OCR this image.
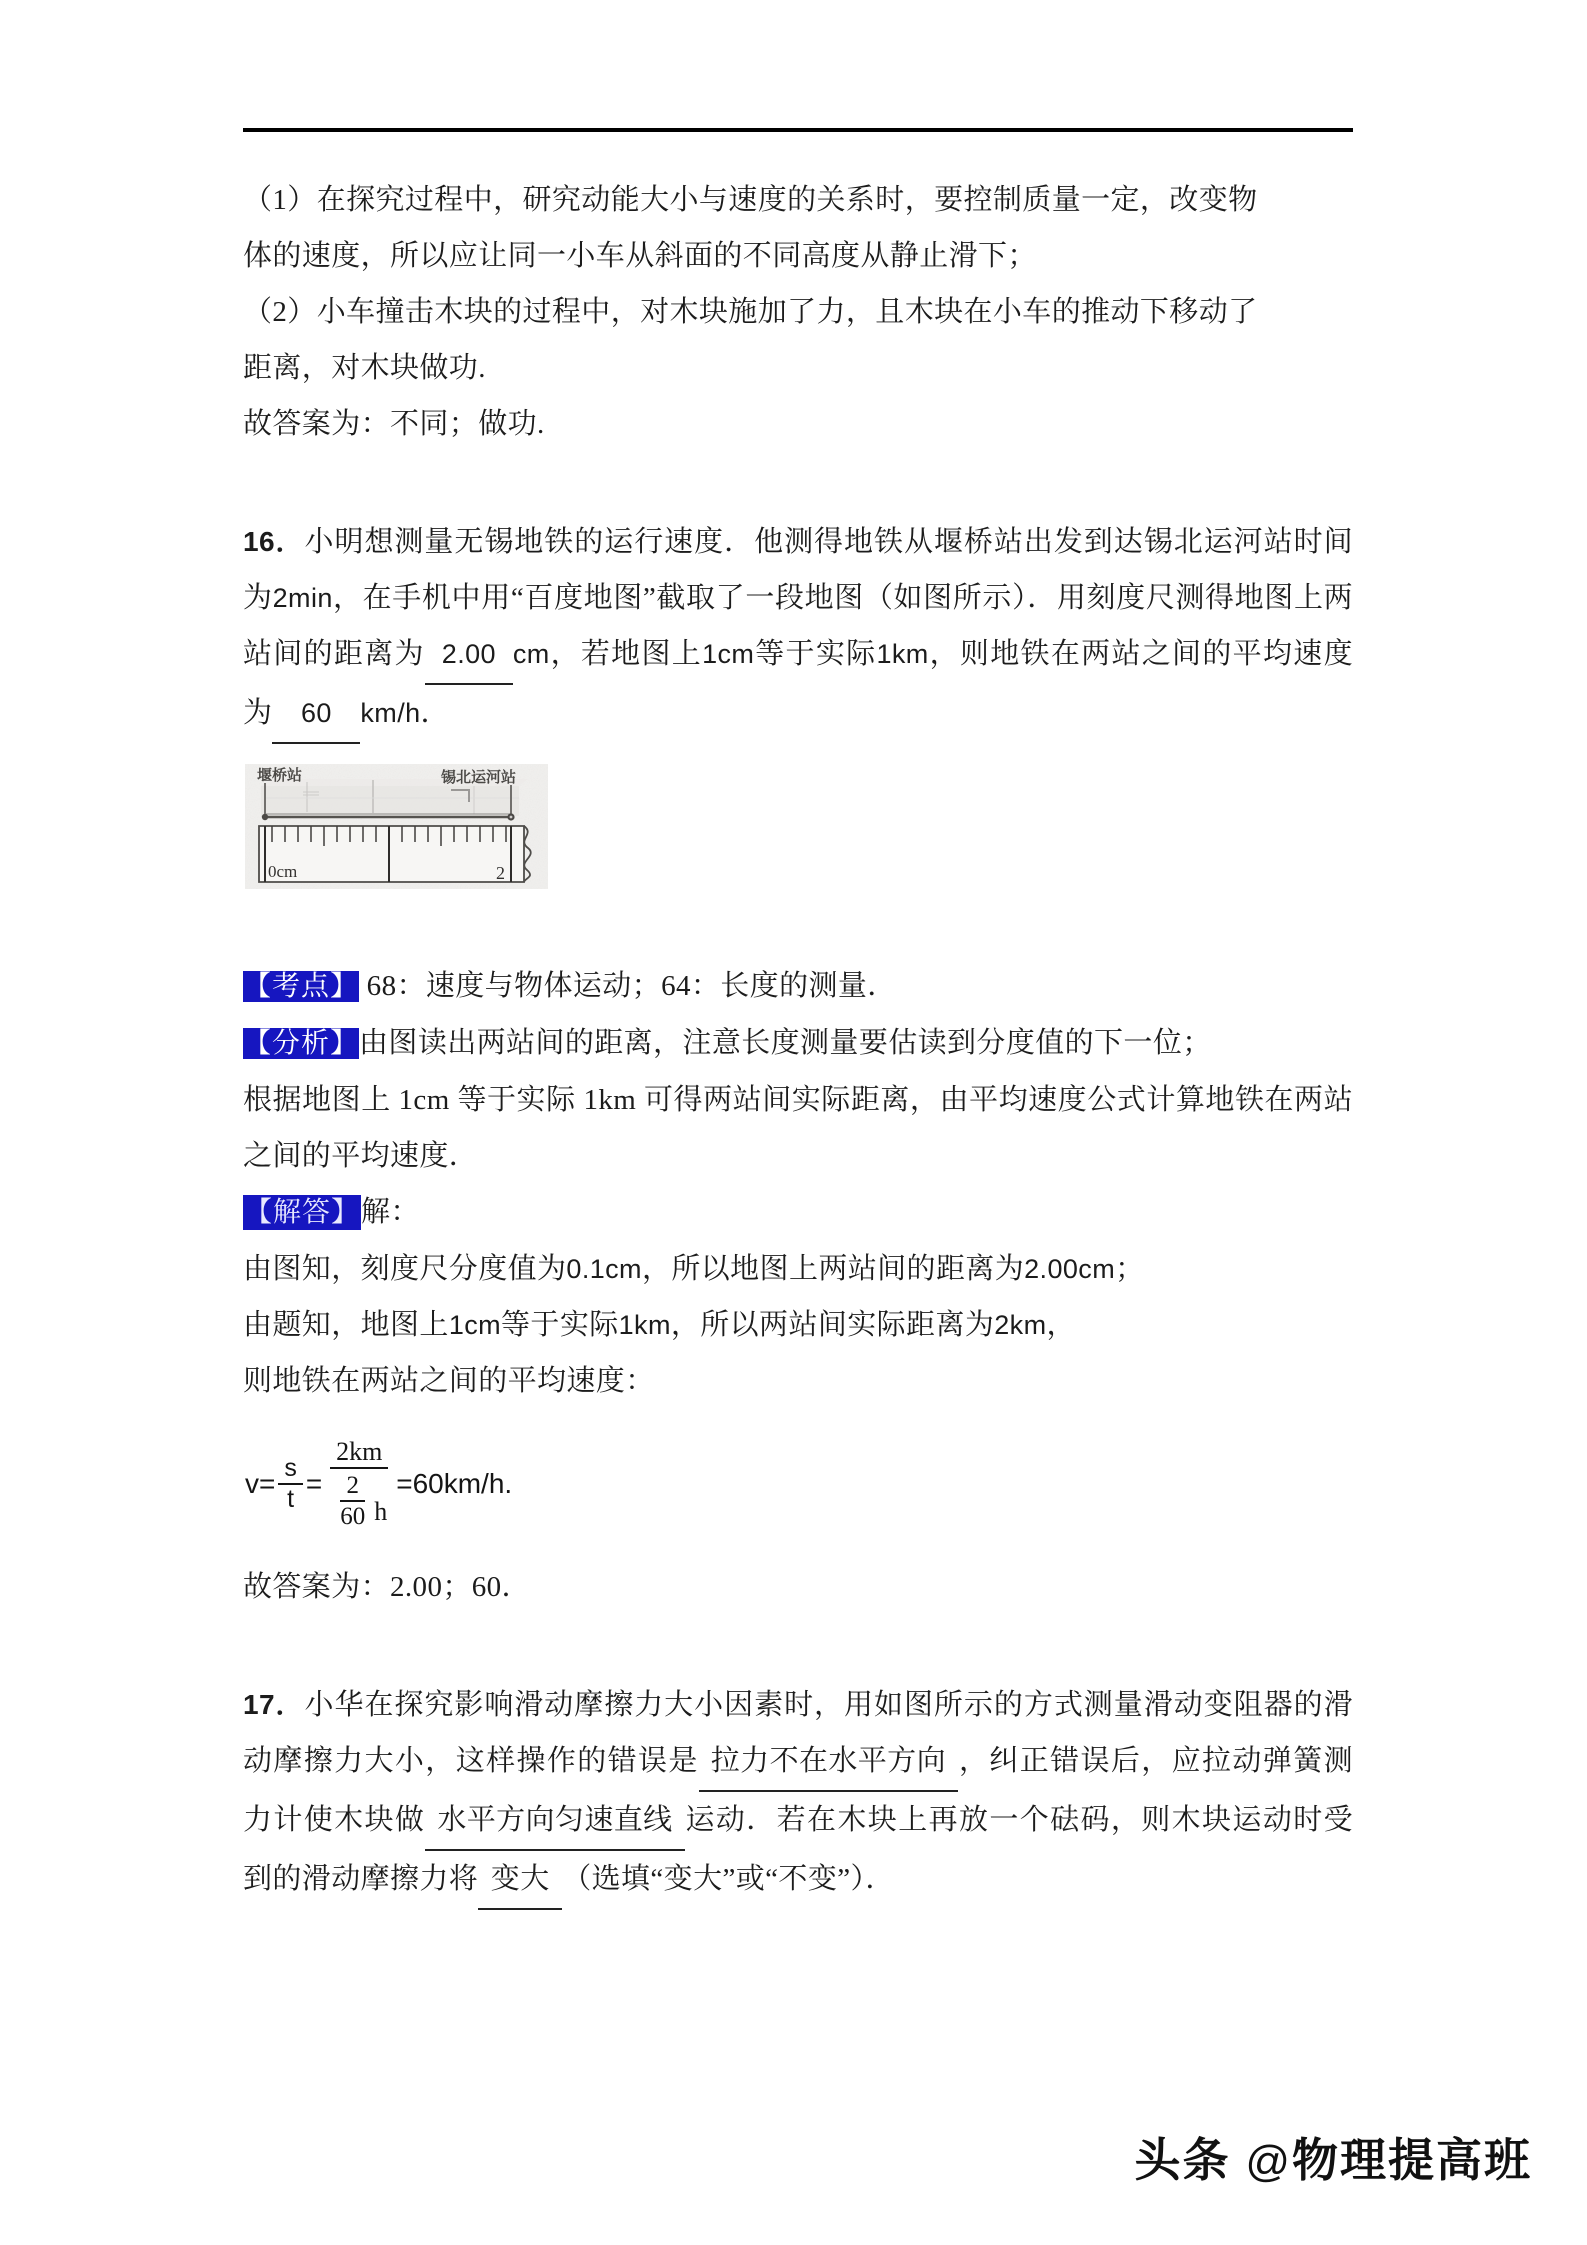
（1）在探究过程中，研究动能大小与速度的关系时，要控制质量一定，改变物
体的速度，所以应让同一小车从斜面的不同高度从静止滑下；
（2）小车撞击木块的过程中，对木块施加了力，且木块在小车的推动下移动了
距离，对木块做功.
故答案为：不同；做功.
16．小明想测量无锡地铁的运行速度．他测得地铁从堰桥站出发到达锡北运河站时间为2min，在手机中用“百度地图”截取了一段地图（如图所示）．用刻度尺测得地图上两站间的距离为 2.00 cm，若地图上1cm等于实际1km，则地铁在两站之间的平均速度为 60 km/h．
堰桥站	锡北运河站
0cm	2
【考点】 68：速度与物体运动；64：长度的测量．
【分析】由图读出两站间的距离，注意长度测量要估读到分度值的下一位；
根据地图上 1cm 等于实际 1km 可得两站间实际距离，由平均速度公式计算地铁在两站之间的平均速度．
【解答】解：
由图知，刻度尺分度值为0.1cm，所以地图上两站间的距离为2.00cm；
由题知，地图上1cm等于实际1km，所以两站间实际距离为2km，
则地铁在两站之间的平均速度：
$v= \frac{s}{t} = \frac{2km}{\frac{2}{60} h} =60km/h$.
故答案为：2.00；60．
17．小华在探究影响滑动摩擦力大小因素时，用如图所示的方式测量滑动变阻器的滑动摩擦力大小，这样操作的错误是 拉力不在水平方向 ，纠正错误后，应拉动弹簧测力计使木块做 水平方向匀速直线 运动．若在木块上再放一个砝码，则木块运动时受到的滑动摩擦力将 变大 （选填“变大”或“不变”）．
头条 @物理提高班
